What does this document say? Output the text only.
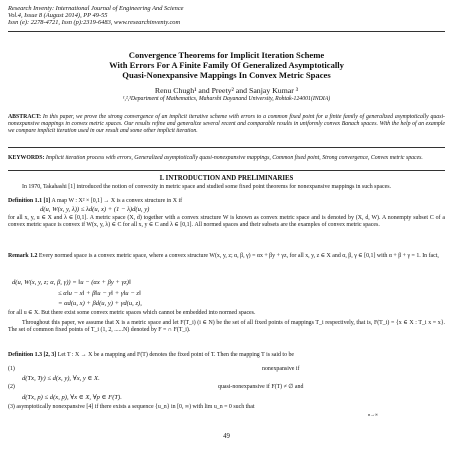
Research Inventy: International Journal of Engineering And Science
Vol.4, Issue 8 (August 2014), PP 49-55
Issn (e): 2278-4721, Issn (p):2319-6483, www.researchinventy.com
Convergence Theorems for Implicit Iteration Scheme
With Errors For A Finite Family Of Generalized Asymptotically
Quasi-Nonexpansive Mappings In Convex Metric Spaces
Renu Chugh¹ and Preety² and Sanjay Kumar ³
¹,²,³Department of Mathematics, Maharshi Dayanand University, Rohtak-124001(INDIA)
ABSTRACT: In this paper, we prove the strong convergence of an implicit iterative scheme with errors to a common fixed point for a finite family of generalized asymptotically quasi-nonexpansive mappings in convex metric spaces. Our results refine and generalize several recent and comparable results in uniformly convex Banach spaces. With the help of an example we compare implicit iteration used in our result and some other implicit iteration.
KEYWORDS: Implicit iteration process with errors, Generalized asymptotically quasi-nonexpansive mappings, Common fixed point, Strong convergence, Convex metric spaces.
I. INTRODUCTION AND PRELIMINARIES

In 1970, Takahashi [1] introduced the notion of convexity in metric space and studied some fixed point theorems for nonexpansive mappings in such spaces.

Definition 1.1 [1] A map W : X² × [0,1] → X is a convex structure in X if

d(u, W(x, y, λ)) ≤ λd(u, x) + (1 − λ)d(u, y)

for all x, y, u ∈ X and λ ∈ [0,1]. A metric space (X, d) together with a convex structure W is known as convex metric space and is denoted by (X, d, W). A nonempty subset C of a convex metric space is convex if W(x, y, λ) ∈ C for all x, y ∈ C and λ ∈ [0,1]. All normed spaces and their subsets are the examples of convex metric spaces.

Remark 1.2 Every normed space is a convex metric space, where a convex structure W(x, y, z; α, β, γ) = αx + βy + γz, for all x, y, z ∈ X and α, β, γ ∈ [0,1] with α + β + γ = 1. In fact,

d(u, W(x, y, z; α, β, γ)) = ‖u − (αx + βy + γz)‖
≤ α‖u − x‖ + β‖u − y‖ + γ‖u − z‖
= αd(u, x) + βd(u, y) + γd(u, z),

for all u ∈ X. But there exist some convex metric spaces which cannot be embedded into normed spaces.

Throughout this paper, we assume that X is a metric space and let F(T_i) (i ∈ N) be the set of all fixed points of mappings T_i respectively, that is, F(T_i) = {x ∈ X : T_i x = x}. The set of common fixed points of T_i (1, 2, ......N) denoted by F = ∩ F(T_i).

Definition 1.3 [2, 3] Let T : X → X be a mapping and F(T) denotes the fixed point of T. Then the mapping T is said to be

(1)	nonexpansive if
d(Tx, Ty) ≤ d(x, y), ∀x, y ∈ X.
(2)	quasi-nonexpansive if F(T) ≠ ∅ and
d(Tx, p) ≤ d(x, p), ∀x ∈ X, ∀p ∈ F(T).

(3) asymptotically nonexpansive [4] if there exists a sequence {u_n} in [0, ∞) with lim u_n = 0 such that

n→∞
49
